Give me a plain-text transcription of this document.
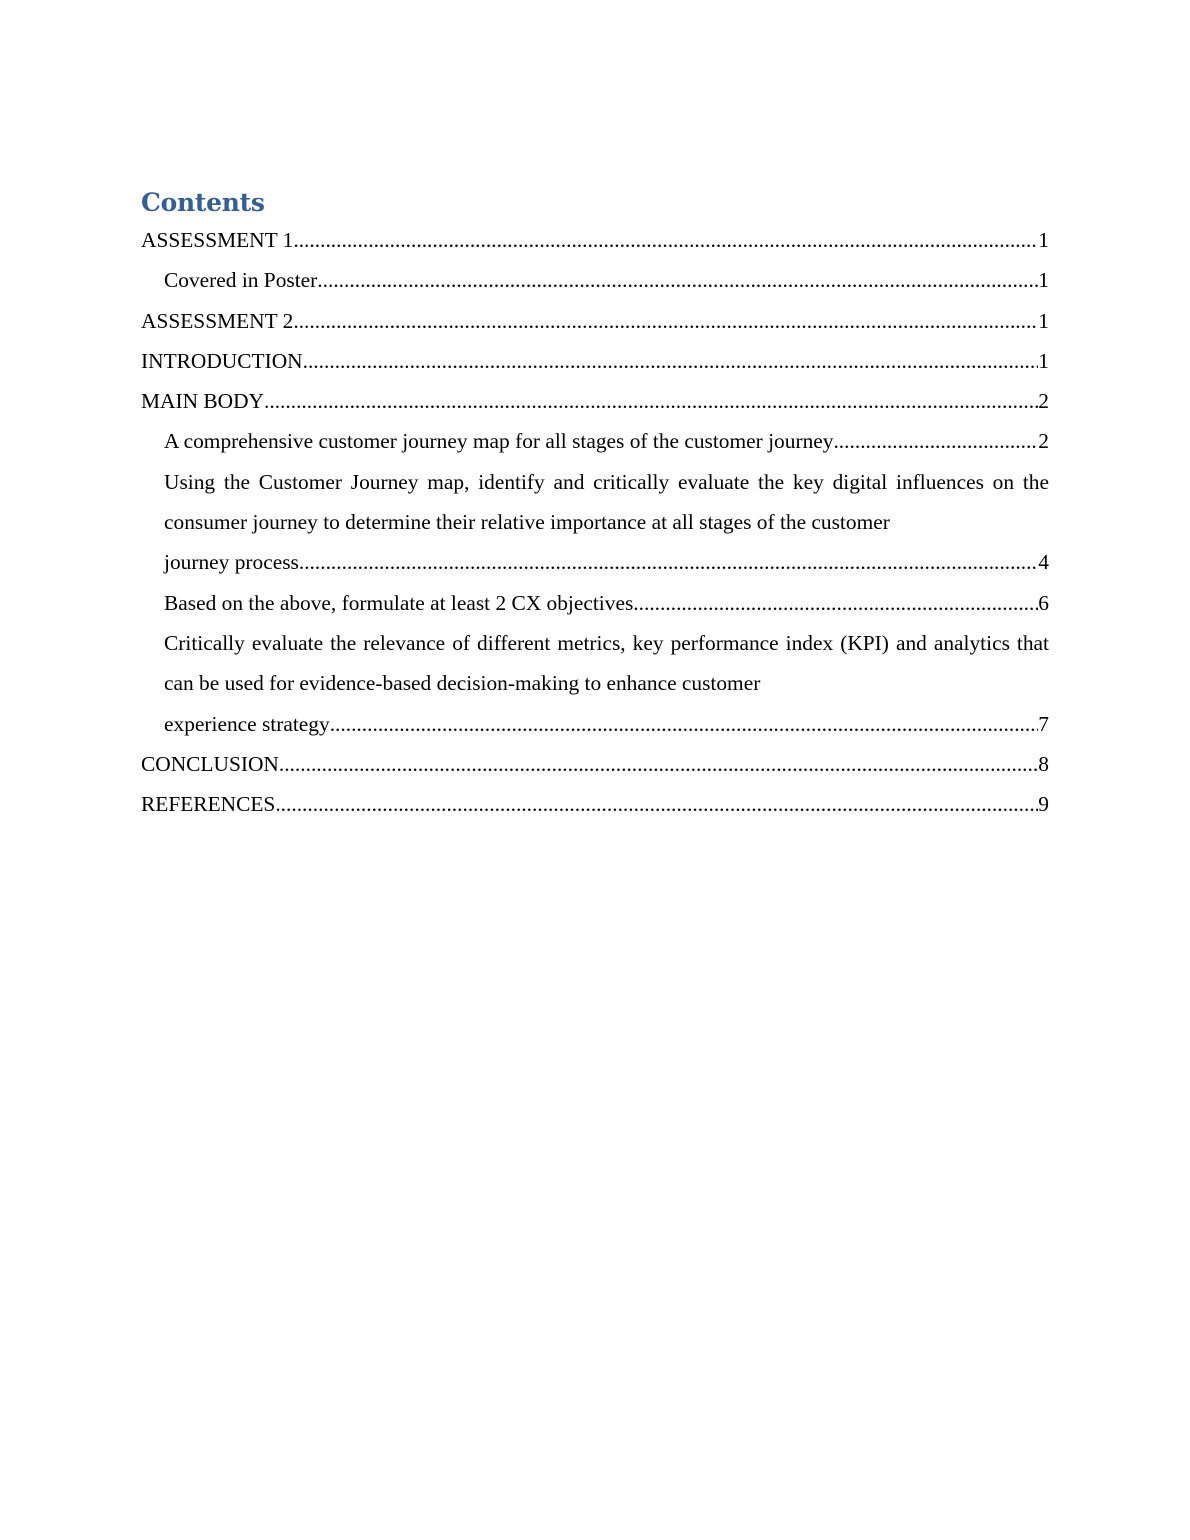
Contents
ASSESSMENT 1 .....	1
Covered in Poster .....	1
ASSESSMENT 2 .....	1
INTRODUCTION .....	1
MAIN BODY .....	2
A comprehensive customer journey map for all stages of the customer journey .....	2
Using the Customer Journey map, identify and critically evaluate the key digital influences on the consumer journey to determine their relative importance at all stages of the customer
journey process .....	4
Based on the above, formulate at least 2 CX objectives .....	6
Critically evaluate the relevance of different metrics, key performance index (KPI) and analytics that can be used for evidence-based decision-making to enhance customer
experience strategy .....	7
CONCLUSION .....	8
REFERENCES .....	9
